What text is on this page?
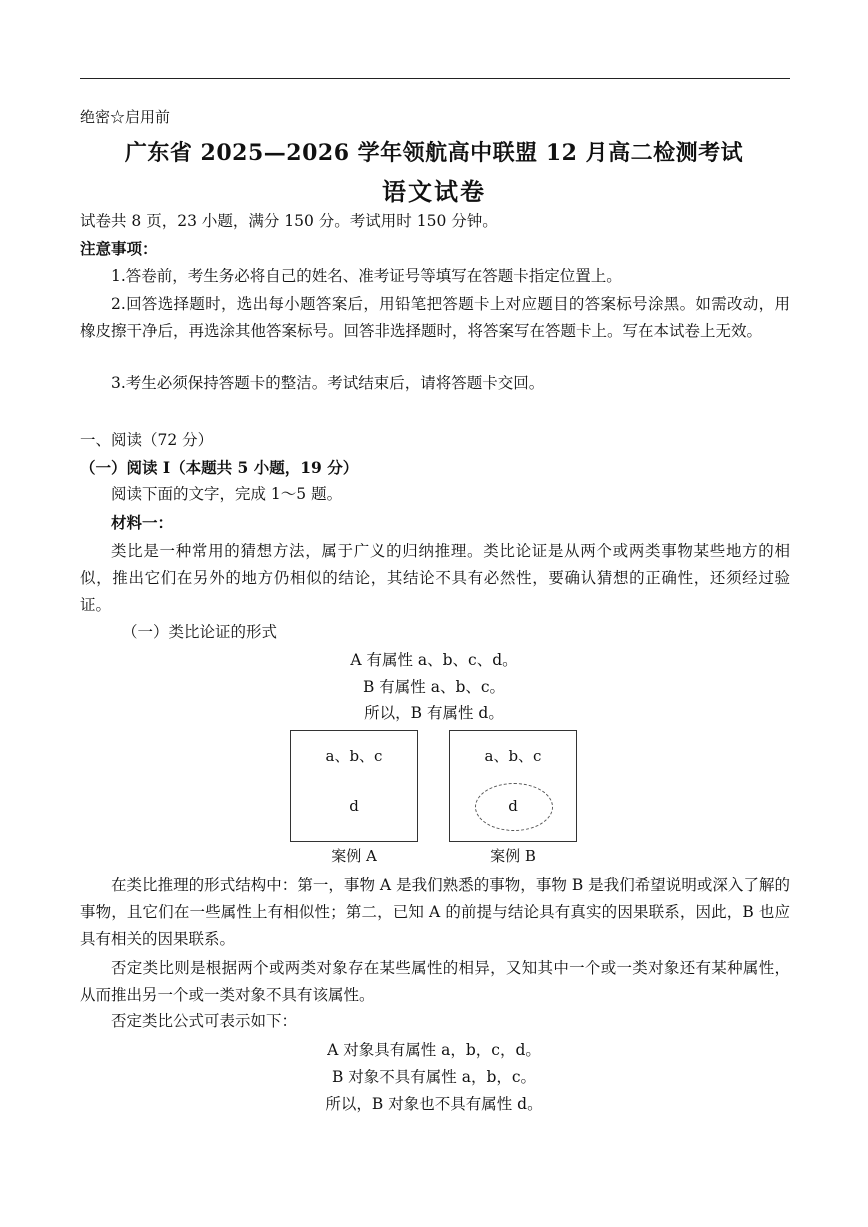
绝密☆启用前
广东省 2025—2026 学年领航高中联盟 12 月高二检测考试
语文试卷
试卷共 8 页，23 小题，满分 150 分。考试用时 150 分钟。
注意事项：
1.答卷前，考生务必将自己的姓名、准考证号等填写在答题卡指定位置上。
2.回答选择题时，选出每小题答案后，用铅笔把答题卡上对应题目的答案标号涂黑。如需改动，用橡皮擦干净后，再选涂其他答案标号。回答非选择题时，将答案写在答题卡上。写在本试卷上无效。
3.考生必须保持答题卡的整洁。考试结束后，请将答题卡交回。
一、阅读（72 分）
（一）阅读 I（本题共 5 小题，19 分）
阅读下面的文字，完成 1～5 题。
材料一：
类比是一种常用的猜想方法，属于广义的归纳推理。类比论证是从两个或两类事物某些地方的相似，推出它们在另外的地方仍相似的结论，其结论不具有必然性，要确认猜想的正确性，还须经过验证。
（一）类比论证的形式
A 有属性 a、b、c、d。
B 有属性 a、b、c。
所以，B 有属性 d。
a、b、c
d
案例 A
a、b、c
d
案例 B
在类比推理的形式结构中：第一，事物 A 是我们熟悉的事物，事物 B 是我们希望说明或深入了解的事物，且它们在一些属性上有相似性；第二，已知 A 的前提与结论具有真实的因果联系，因此，B 也应具有相关的因果联系。
否定类比则是根据两个或两类对象存在某些属性的相异，又知其中一个或一类对象还有某种属性，从而推出另一个或一类对象不具有该属性。
否定类比公式可表示如下：
A 对象具有属性 a，b，c，d。
B 对象不具有属性 a，b，c。
所以，B 对象也不具有属性 d。
